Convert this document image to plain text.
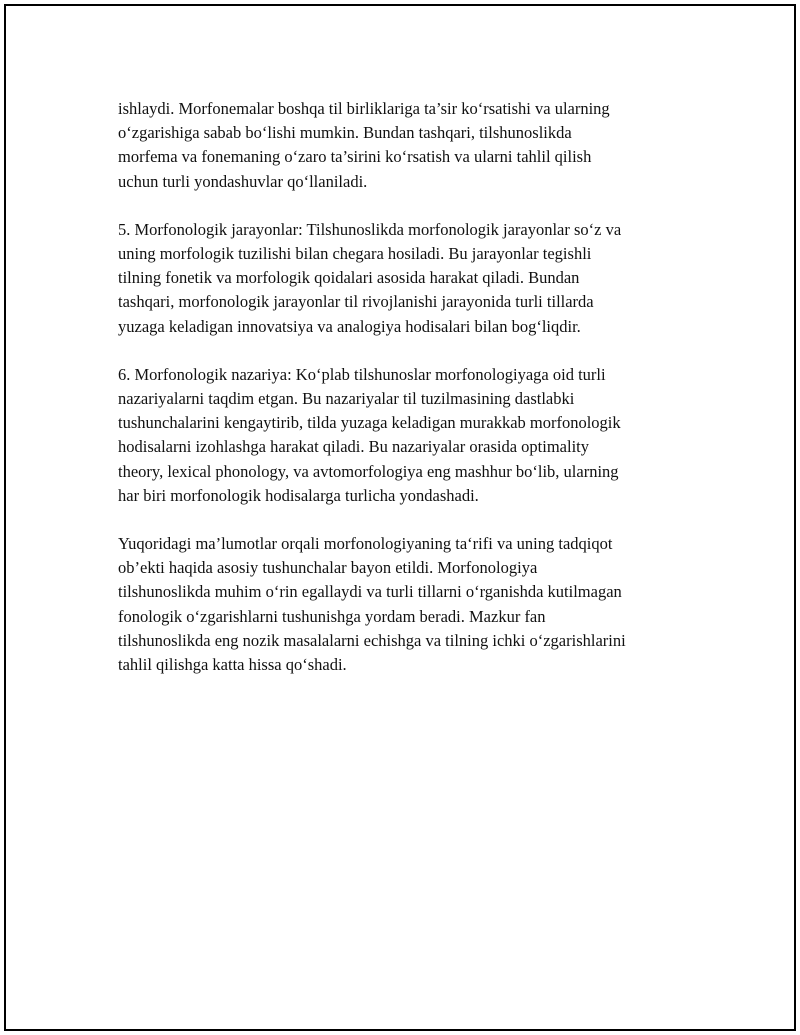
ishlaydi. Morfonemalar boshqa til birliklariga ta’sir ko‘rsatishi va ularning
o‘zgarishiga sabab bo‘lishi mumkin. Bundan tashqari, tilshunoslikda
morfema va fonemaning o‘zaro ta’sirini ko‘rsatish va ularni tahlil qilish
uchun turli yondashuvlar qo‘llaniladi.

5. Morfonologik jarayonlar: Tilshunoslikda morfonologik jarayonlar so‘z va
uning morfologik tuzilishi bilan chegara hosiladi. Bu jarayonlar tegishli
tilning fonetik va morfologik qoidalari asosida harakat qiladi. Bundan
tashqari, morfonologik jarayonlar til rivojlanishi jarayonida turli tillarda
yuzaga keladigan innovatsiya va analogiya hodisalari bilan bog‘liqdir.

6. Morfonologik nazariya: Ko‘plab tilshunoslar morfonologiyaga oid turli
nazariyalarni taqdim etgan. Bu nazariyalar til tuzilmasining dastlabki
tushunchalarini kengaytirib, tilda yuzaga keladigan murakkab morfonologik
hodisalarni izohlashga harakat qiladi. Bu nazariyalar orasida optimality
theory, lexical phonology, va avtomorfologiya eng mashhur bo‘lib, ularning
har biri morfonologik hodisalarga turlicha yondashadi.

Yuqoridagi ma’lumotlar orqali morfonologiyaning ta‘rifi va uning tadqiqot
ob’ekti haqida asosiy tushunchalar bayon etildi. Morfonologiya
tilshunoslikda muhim o‘rin egallaydi va turli tillarni o‘rganishda kutilmagan
fonologik o‘zgarishlarni tushunishga yordam beradi. Mazkur fan
tilshunoslikda eng nozik masalalarni echishga va tilning ichki o‘zgarishlarini
tahlil qilishga katta hissa qo‘shadi.
